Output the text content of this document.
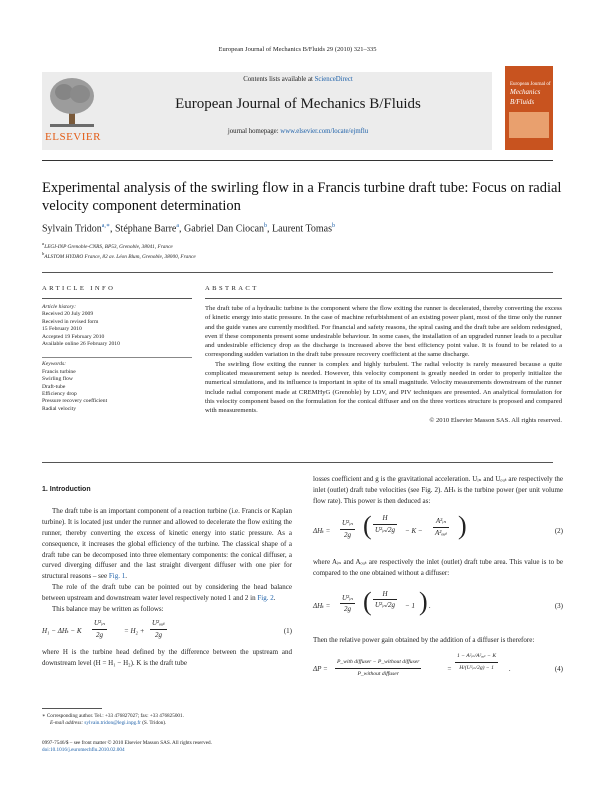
European Journal of Mechanics B/Fluids 29 (2010) 321–335
ELSEVIER
Contents lists available at ScienceDirect
European Journal of Mechanics B/Fluids
journal homepage: www.elsevier.com/locate/ejmflu
European Journal of
Mechanics
B/Fluids
Experimental analysis of the swirling flow in a Francis turbine draft tube: Focus on radial velocity component determination
Sylvain Tridon$^{a,∗}$, Stéphane Barre$^a$, Gabriel Dan Ciocan$^b$, Laurent Tomas$^b$
$^a$LEGI-INP Grenoble-CNRS, BP53, Grenoble, 38041, France
$^b$ALSTOM HYDRO France, 82 av. Léon Blum, Grenoble, 38000, France
ARTICLE INFO
Article history:
Received 20 July 2009
Received in revised form
15 February 2010
Accepted 19 February 2010
Available online 26 February 2010
Keywords:
Francis turbine
Swirling flow
Draft-tube
Efficiency drop
Pressure recovery coefficient
Radial velocity
ABSTRACT

The draft tube of a hydraulic turbine is the component where the flow exiting the runner is decelerated, thereby converting the excess of kinetic energy into static pressure. In the case of machine refurbishment of an existing power plant, most of the time only the runner and the guide vanes are currently modified. For financial and safety reasons, the spiral casing and the draft tube are seldom redesigned, even if these components present some undesirable behaviour. In some cases, the installation of an upgraded runner leads to a peculiar and undesirable efficiency drop as the discharge is increased above the best efficiency point value. It is found to be related to a corresponding sudden variation in the draft tube pressure recovery coefficient at the same discharge.

The swirling flow exiting the runner is complex and highly turbulent. The radial velocity is rarely measured because a quite complicated measurement setup is needed. However, this velocity component is greatly needed in order to properly initialize the numerical simulations, and its influence is important in spite of its small magnitude. Velocity measurements downstream of the runner include radial component made at CREMHyG (Grenoble) by LDV, and PIV techniques are presented. An analytical formulation for this velocity component based on the formulation for the conical diffuser and on the three vortices structure is proposed and compared with measurements.

© 2010 Elsevier Masson SAS. All rights reserved.
1. Introduction

The draft tube is an important component of a reaction turbine (i.e. Francis or Kaplan turbine). It is located just under the runner and allowed to decelerate the flow exiting the runner, thereby converting the excess of kinetic energy into static pressure. As a consequence, it increases the global efficiency of the turbine. The classical shape of a draft tube can be decomposed into three elementary components: the conical diffuser, a curved diverging diffuser and the last straight divergent diffuser with one pier for structural reasons – see Fig. 1.

The role of the draft tube can be pointed out by considering the head balance between upstream and downstream water level respectively noted 1 and 2 in Fig. 2.

This balance may be written as follows:

H₁ − ΔHₜ − K $\frac{\text{U²ᵢₙ}}{2g} = H_2$ +
U²ₒᵤₜ
2g	(1)

where H is the turbine head defined by the difference between the upstream and downstream level (H = H₁ − H₂). K is the draft tube

losses coefficient and g is the gravitational acceleration. Uᵢₙ and Uₒᵤₜ are respectively the inlet (outlet) draft tube velocities (see Fig. 2). ΔHₜ is the turbine power (per unit volume flow rate). This power is then deduced as:

$\Delta H_t = \frac{\text{U²ᵢₙ}}{2g}$ ( $\frac{H}{\text{U²ᵢₙ/2g}} - K$ −
A²ᵢₙ
A²ₒᵤₜ )	(2)

where Aᵢₙ and Aₒᵤₜ are respectively the inlet (outlet) draft tube area. This value is to be compared to the one obtained without a diffuser:

$\Delta H_t = \frac{\text{U²ᵢₙ}}{2g}$ ( $\frac{H}{\text{U²ᵢₙ/2g}} - 1$ ) .	(3)

Then the relative power gain obtained by the addition of a diffuser is therefore:

ΔP =
P_with diffuser − P_without diffuser
P_without diffuser
=
1 − A²ᵢₙ/A²ₒᵤₜ − K
H/(U²ᵢₙ/2g) − 1	.	(4)
∗ Corresponding author. Tel.: +33 476827027; fax: +33 476825001.
E-mail address: sylvain.tridon@legi.inpg.fr (S. Tridon).
0997-7546/$ – see front matter © 2010 Elsevier Masson SAS. All rights reserved.
doi:10.1016/j.euromechflu.2010.02.004
